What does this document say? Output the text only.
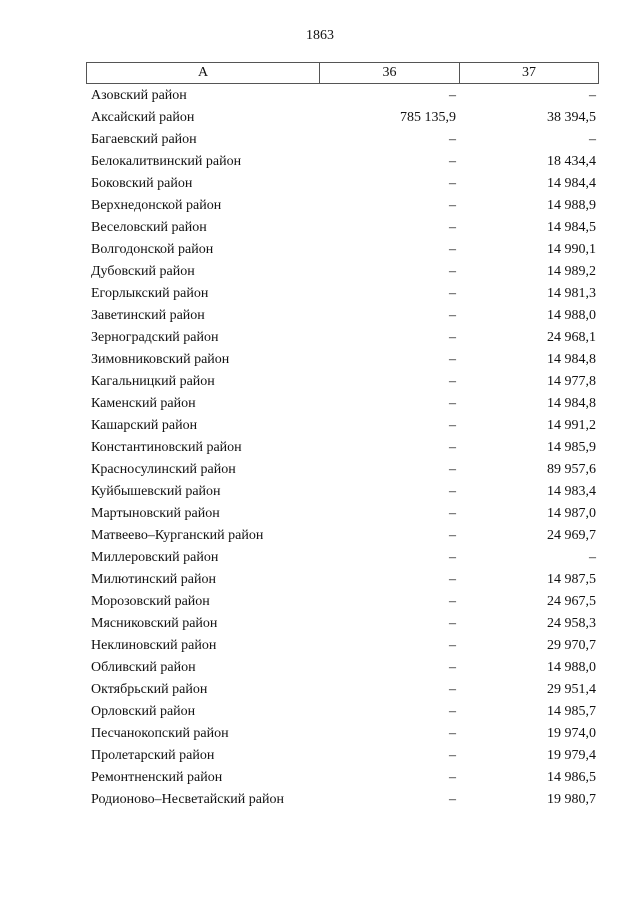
1863
А	36	37
Азовский район	–	–
Аксайский район	785 135,9	38 394,5
Багаевский район	–	–
Белокалитвинский район	–	18 434,4
Боковский район	–	14 984,4
Верхнедонской район	–	14 988,9
Веселовский район	–	14 984,5
Волгодонской район	–	14 990,1
Дубовский район	–	14 989,2
Егорлыкский район	–	14 981,3
Заветинский район	–	14 988,0
Зерноградский район	–	24 968,1
Зимовниковский район	–	14 984,8
Кагальницкий район	–	14 977,8
Каменский район	–	14 984,8
Кашарский район	–	14 991,2
Константиновский район	–	14 985,9
Красносулинский район	–	89 957,6
Куйбышевский район	–	14 983,4
Мартыновский район	–	14 987,0
Матвеево–Курганский район	–	24 969,7
Миллеровский район	–	–
Милютинский район	–	14 987,5
Морозовский район	–	24 967,5
Мясниковский район	–	24 958,3
Неклиновский район	–	29 970,7
Обливский район	–	14 988,0
Октябрьский район	–	29 951,4
Орловский район	–	14 985,7
Песчанокопский район	–	19 974,0
Пролетарский район	–	19 979,4
Ремонтненский район	–	14 986,5
Родионово–Несветайский район	–	19 980,7
